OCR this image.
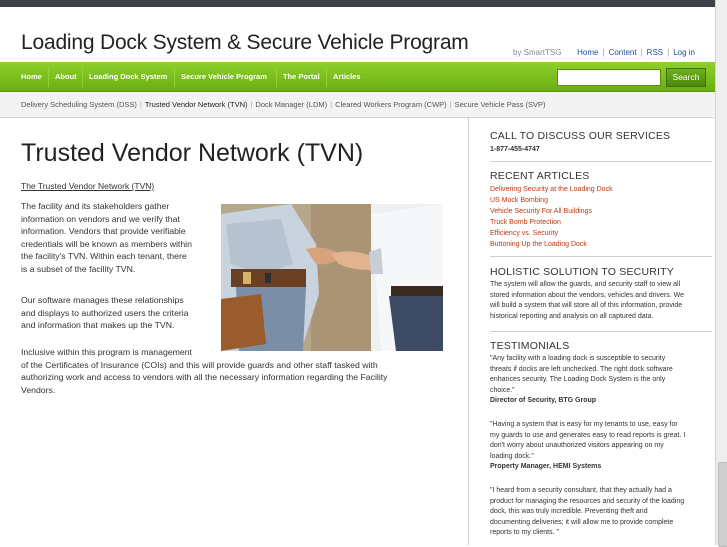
Loading Dock System & Secure Vehicle Program	by SmartTSG Home | Content | RSS | Log in
Home About Loading Dock System Secure Vehicle Program The Portal Articles	Search
Delivery Scheduling System (DSS) | Trusted Vendor Network (TVN) | Dock Manager (LDM) | Cleared Workers Program (CWP) | Secure Vehicle Pass (SVP)
Trusted Vendor Network (TVN)
The Trusted Vendor Network (TVN)
The facility and its stakeholders gather
information on vendors and we verify that
information. Vendors that provide verifiable
credentials will be known as members within
the facility's TVN. Within each tenant, there
is a subset of the facility TVN.
Our software manages these relationships
and displays to authorized users the criteria
and information that makes up the TVN.
Inclusive within this program is management
of the Certificates of Insurance (COIs) and this will provide guards and other staff tasked with
authorizing work and access to vendors with all the necessary information regarding the Facility
Vendors.
CALL TO DISCUSS OUR SERVICES
1-877-455-4747
RECENT ARTICLES
Delivering Security at the Loading Dock
US Mock Bombing
Vehicle Security For All Buildings
Truck Bomb Protection
Efficiency vs. Security
Buttoning Up the Loading Dock
HOLISTIC SOLUTION TO SECURITY
The system will allow the guards, and security staff to view all
stored information about the vendors, vehicles and drivers. We
will build a system that will store all of this information, provide
historical reporting and analysis on all captured data.
TESTIMONIALS
"Any facility with a loading dock is susceptible to security
threats if docks are left unchecked. The right dock software
enhances security. The Loading Dock System is the only
choice."
Director of Security, BTG Group
"Having a system that is easy for my tenants to use, easy for
my guards to use and generates easy to read reports is great. I
don't worry about unauthorized visitors appearing on my
loading dock."
Property Manager, HEMI Systems
"I heard from a security consultant, that they actually had a
product for managing the resources and security of the loading
dock, this was truly incredible. Preventing theft and
documenting deliveries; it will allow me to provide complete
reports to my clients. "
